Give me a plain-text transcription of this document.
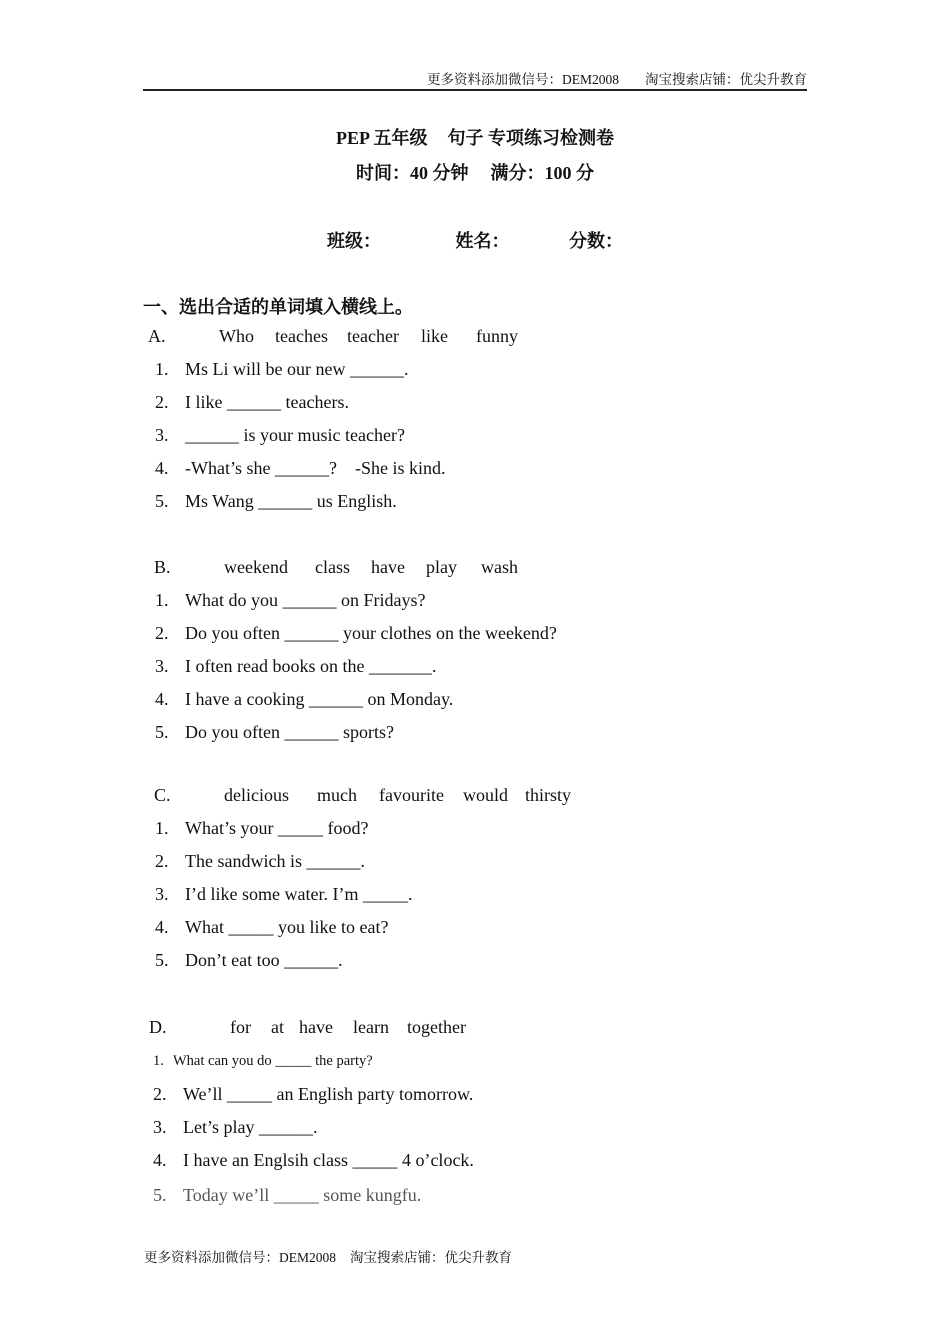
更多资料添加微信号：DEM2008 淘宝搜索店铺：优尖升教育
PEP 五年级 句子 专项练习检测卷
时间：40 分钟 满分：100 分
班级：	姓名：	分数：
一、选出合适的单词填入横线上。
A.	Who teaches teacher like funny
1. Ms Li will be our new ______.
2. I like ______ teachers.
3. ______ is your music teacher?
4. -What’s she ______?    -She is kind.
5. Ms Wang ______ us English.
B.	weekend class have play wash
1. What do you ______ on Fridays?
2. Do you often ______ your clothes on the weekend?
3. I often read books on the _______.
4. I have a cooking ______ on Monday.
5. Do you often ______ sports?
C.	delicious much favourite would thirsty
1. What’s your _____ food?
2. The sandwich is ______.
3. I’d like some water. I’m _____.
4. What _____ you like to eat?
5. Don’t eat too ______.
D.	for at have learn together
1. What can you do _____ the party?
2. We’ll _____ an English party tomorrow.
3. Let’s play ______.
4. I have an Englsih class _____ 4 o’clock.
5. Today we’ll _____ some kungfu.
更多资料添加微信号：DEM2008 淘宝搜索店铺：优尖升教育
